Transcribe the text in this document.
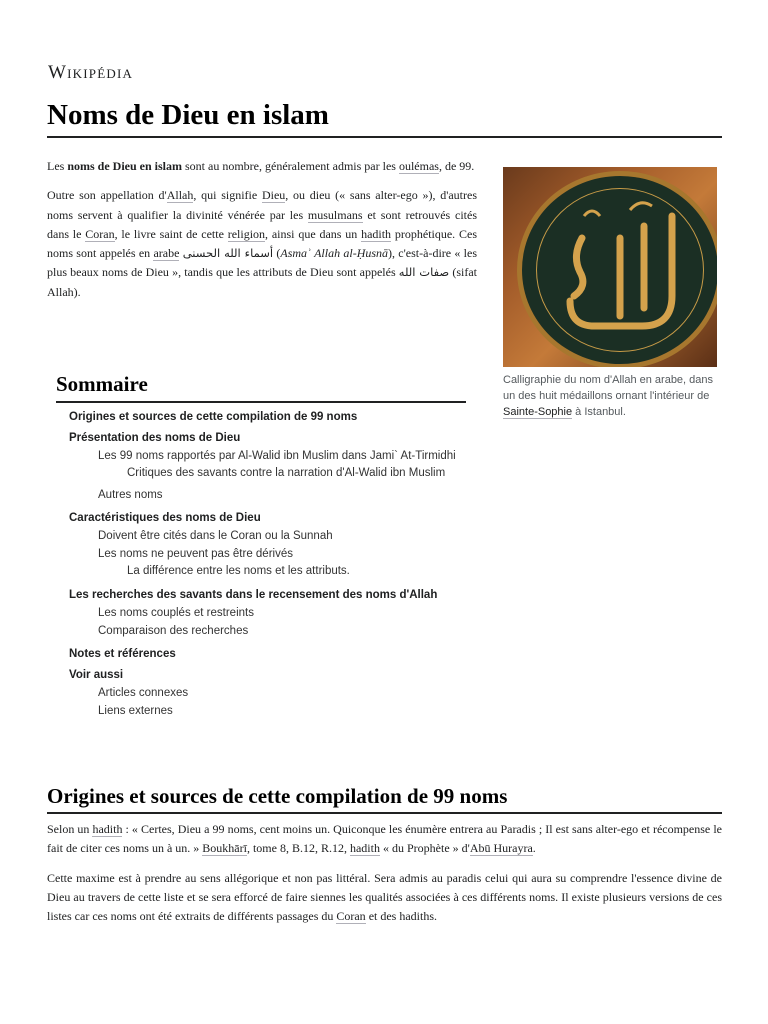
Wikipédia
Noms de Dieu en islam

Les noms de Dieu en islam sont au nombre, généralement admis par les oulémas, de 99.

Outre son appellation d'Allah, qui signifie Dieu, ou dieu (« sans alter-ego »), d'autres noms servent à qualifier la divinité vénérée par les musulmans et sont retrouvés cités dans le Coran, le livre saint de cette religion, ainsi que dans un hadith prophétique. Ces noms sont appelés en arabe أسماء الله الحسنى (Asmaʾ Allah al-Ḥusnā), c'est-à-dire « les plus beaux noms de Dieu », tandis que les attributs de Dieu sont appelés صفات الله (sifat Allah).

Calligraphie du nom d'Allah en arabe, dans un des huit médaillons ornant l'intérieur de Sainte-Sophie à Istanbul.
Sommaire
Origines et sources de cette compilation de 99 noms
Présentation des noms de Dieu
Les 99 noms rapportés par Al-Walid ibn Muslim dans Jami` At-Tirmidhi
Critiques des savants contre la narration d'Al-Walid ibn Muslim
Autres noms
Caractéristiques des noms de Dieu
Doivent être cités dans le Coran ou la Sunnah
Les noms ne peuvent pas être dérivés
La différence entre les noms et les attributs.
Les recherches des savants dans le recensement des noms d'Allah
Les noms couplés et restreints
Comparaison des recherches
Notes et références
Voir aussi
Articles connexes
Liens externes
Origines et sources de cette compilation de 99 noms

Selon un hadith : « Certes, Dieu a 99 noms, cent moins un. Quiconque les énumère entrera au Paradis ; Il est sans alter-ego et récompense le fait de citer ces noms un à un. » Boukhārī, tome 8, B.12, R.12, hadith « du Prophète » d'Abū Hurayra.

Cette maxime est à prendre au sens allégorique et non pas littéral. Sera admis au paradis celui qui aura su comprendre l'essence divine de Dieu au travers de cette liste et se sera efforcé de faire siennes les qualités associées à ces différents noms. Il existe plusieurs versions de ces listes car ces noms ont été extraits de différents passages du Coran et des hadiths.
